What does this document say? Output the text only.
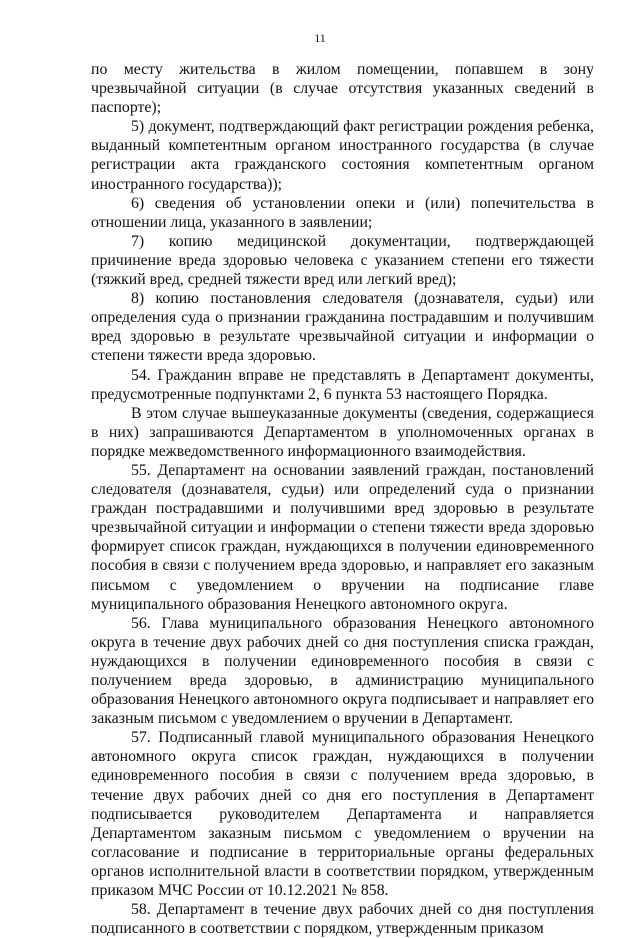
11

по месту жительства в жилом помещении, попавшем в зону чрезвычайной ситуации (в случае отсутствия указанных сведений в паспорте);

5) документ, подтверждающий факт регистрации рождения ребенка, выданный компетентным органом иностранного государства (в случае регистрации акта гражданского состояния компетентным органом иностранного государства));

6) сведения об установлении опеки и (или) попечительства в отношении лица, указанного в заявлении;

7) копию медицинской документации, подтверждающей причинение вреда здоровью человека с указанием степени его тяжести (тяжкий вред, средней тяжести вред или легкий вред);

8) копию постановления следователя (дознавателя, судьи) или определения суда о признании гражданина пострадавшим и получившим вред здоровью в результате чрезвычайной ситуации и информации о степени тяжести вреда здоровью.

54. Гражданин вправе не представлять в Департамент документы, предусмотренные подпунктами 2, 6 пункта 53 настоящего Порядка.

В этом случае вышеуказанные документы (сведения, содержащиеся в них) запрашиваются Департаментом в уполномоченных органах в порядке межведомственного информационного взаимодействия.

55. Департамент на основании заявлений граждан, постановлений следователя (дознавателя, судьи) или определений суда о признании граждан пострадавшими и получившими вред здоровью в результате чрезвычайной ситуации и информации о степени тяжести вреда здоровью формирует список граждан, нуждающихся в получении единовременного пособия в связи с получением вреда здоровью, и направляет его заказным письмом с уведомлением о вручении на подписание главе муниципального образования Ненецкого автономного округа.

56. Глава муниципального образования Ненецкого автономного округа в течение двух рабочих дней со дня поступления списка граждан, нуждающихся в получении единовременного пособия в связи с получением вреда здоровью, в администрацию муниципального образования Ненецкого автономного округа подписывает и направляет его заказным письмом с уведомлением о вручении в Департамент.

57. Подписанный главой муниципального образования Ненецкого автономного округа список граждан, нуждающихся в получении единовременного пособия в связи с получением вреда здоровью, в течение двух рабочих дней со дня его поступления в Департамент подписывается руководителем Департамента и направляется Департаментом заказным письмом с уведомлением о вручении на согласование и подписание в территориальные органы федеральных органов исполнительной власти в соответствии порядком, утвержденным приказом МЧС России от 10.12.2021 № 858.

58. Департамент в течение двух рабочих дней со дня поступления подписанного в соответствии с порядком, утвержденным приказом
